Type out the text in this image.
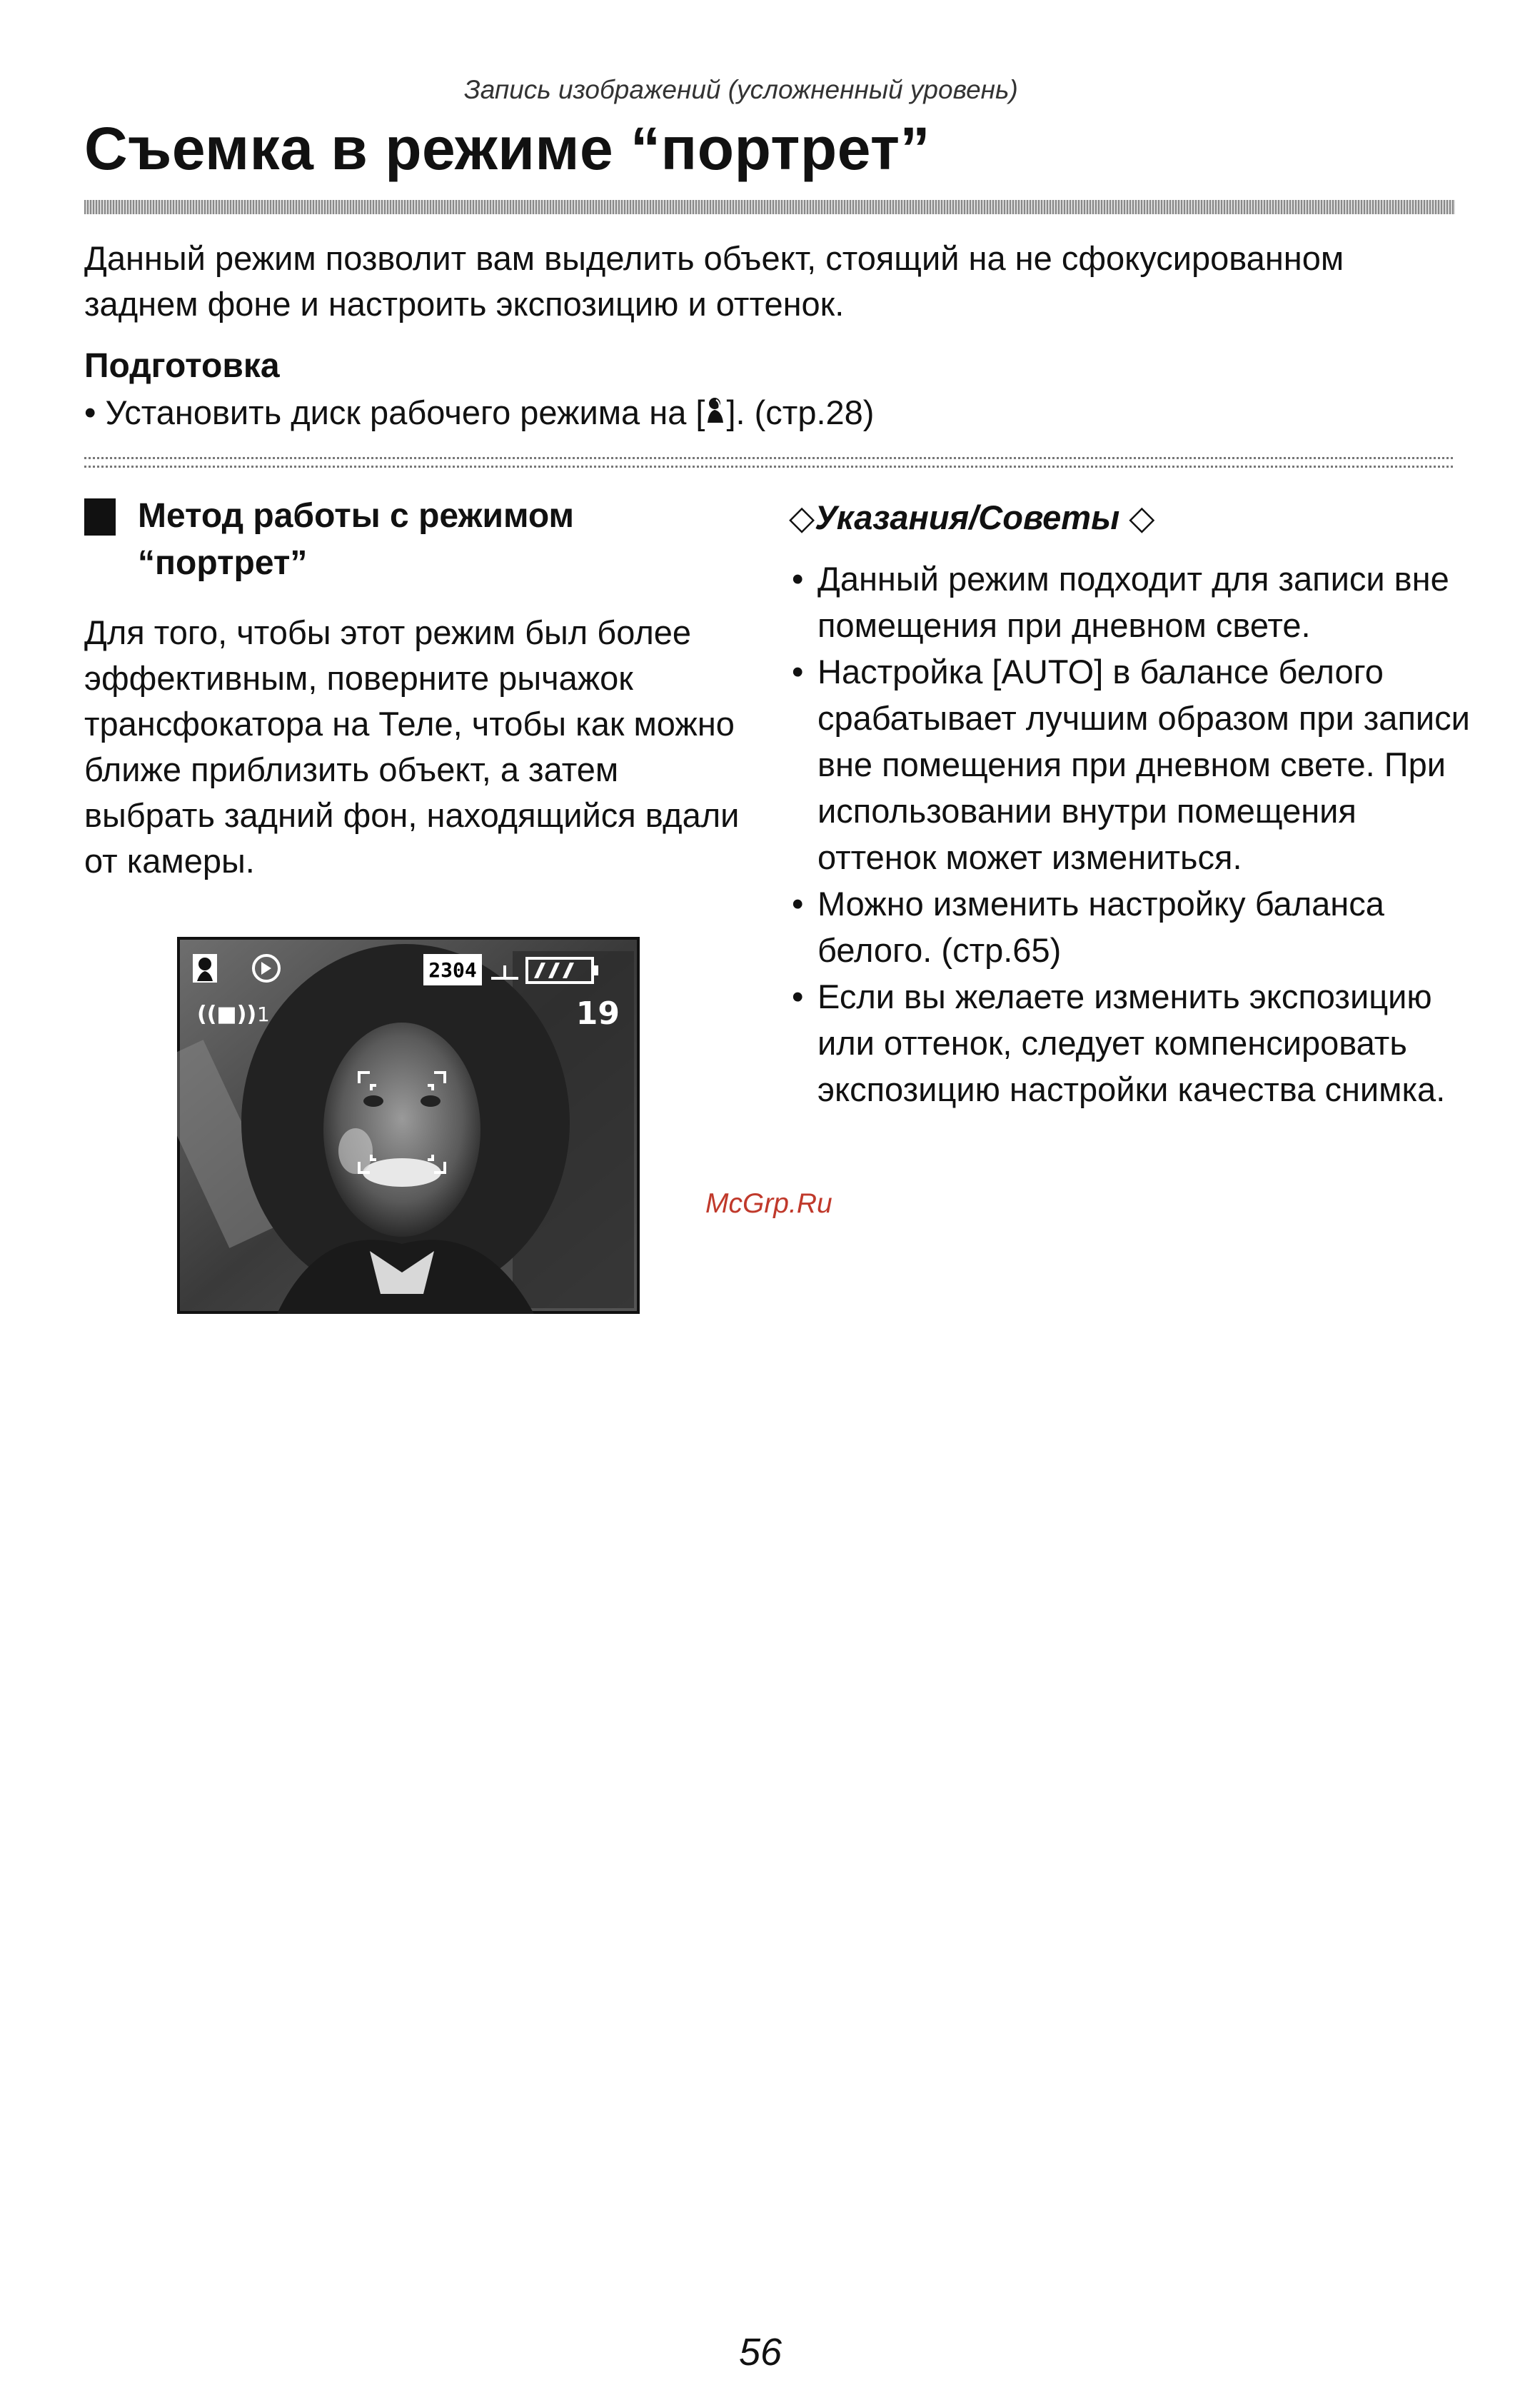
Запись изображений (усложненный уровень)
Съемка в режиме “портрет”
Данный режим позволит вам выделить объект, стоящий на не сфокусированном заднем фоне и настроить экспозицию и оттенок.
Подготовка
• Установить диск рабочего режима на [ ]. (стр.28)
Метод работы с режимом “портрет”
Для того, чтобы этот режим был более эффективным, поверните рычажок трансфокатора на Теле, чтобы как можно ближе приблизить объект, а затем выбрать задний фон, находящийся вдали от камеры.
2304
((■)) 1	19
◇Указания/Советы ◇
• Данный режим подходит для записи вне помещения при дневном свете.
• Настройка [AUTO] в балансе белого срабатывает лучшим образом при записи вне помещения при дневном свете. При использовании внутри помещения оттенок может измениться.
• Можно изменить настройку баланса белого. (стр.65)
• Если вы желаете изменить экспозицию или оттенок, следует компенсировать экспозицию настройки качества снимка.
McGrp.Ru
56
